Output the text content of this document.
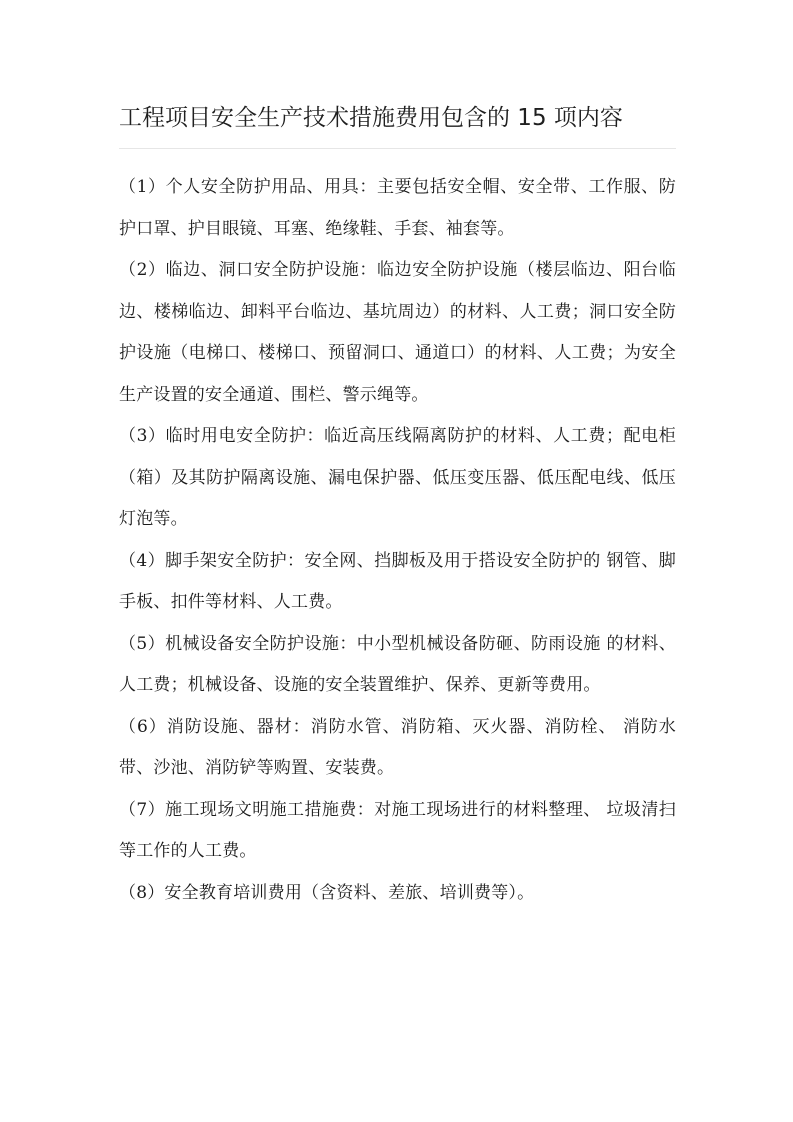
工程项目安全生产技术措施费用包含的 15 项内容

（1）个人安全防护用品、用具：主要包括安全帽、安全带、工作服、防护口罩、护目眼镜、耳塞、绝缘鞋、手套、袖套等。

（2）临边、洞口安全防护设施：临边安全防护设施（楼层临边、阳台临边、楼梯临边、卸料平台临边、基坑周边）的材料、人工费；洞口安全防护设施（电梯口、楼梯口、预留洞口、通道口）的材料、人工费；为安全生产设置的安全通道、围栏、警示绳等。

（3）临时用电安全防护：临近高压线隔离防护的材料、人工费；配电柜（箱）及其防护隔离设施、漏电保护器、低压变压器、低压配电线、低压灯泡等。

（4）脚手架安全防护：安全网、挡脚板及用于搭设安全防护的 钢管、脚手板、扣件等材料、人工费。

（5）机械设备安全防护设施：中小型机械设备防砸、防雨设施 的材料、人工费；机械设备、设施的安全装置维护、保养、更新等费用。

（6）消防设施、器材：消防水管、消防箱、灭火器、消防栓、 消防水带、沙池、消防铲等购置、安装费。

（7）施工现场文明施工措施费：对施工现场进行的材料整理、 垃圾清扫等工作的人工费。

（8）安全教育培训费用（含资料、差旅、培训费等）。
